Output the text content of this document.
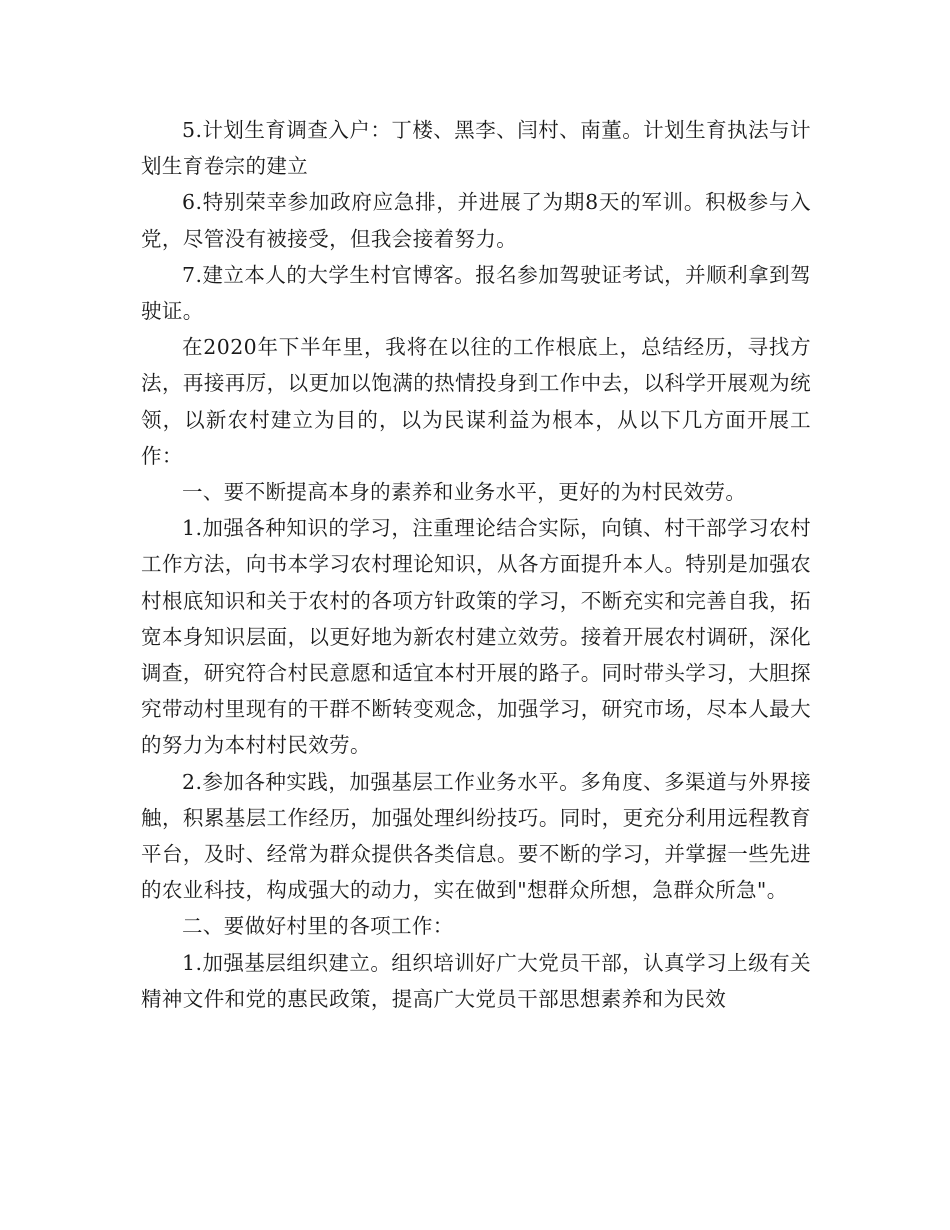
5.计划生育调查入户：丁楼、黑李、闫村、南董。计划生育执法与计划生育卷宗的建立

6.特别荣幸参加政府应急排，并进展了为期8天的军训。积极参与入党，尽管没有被接受，但我会接着努力。

7.建立本人的大学生村官博客。报名参加驾驶证考试，并顺利拿到驾驶证。

在2020年下半年里，我将在以往的工作根底上，总结经历，寻找方法，再接再厉，以更加以饱满的热情投身到工作中去，以科学开展观为统领，以新农村建立为目的，以为民谋利益为根本，从以下几方面开展工作：

一、要不断提高本身的素养和业务水平，更好的为村民效劳。

1.加强各种知识的学习，注重理论结合实际，向镇、村干部学习农村工作方法，向书本学习农村理论知识，从各方面提升本人。特别是加强农村根底知识和关于农村的各项方针政策的学习，不断充实和完善自我，拓宽本身知识层面，以更好地为新农村建立效劳。接着开展农村调研，深化调查，研究符合村民意愿和适宜本村开展的路子。同时带头学习，大胆探究带动村里现有的干群不断转变观念，加强学习，研究市场，尽本人最大的努力为本村村民效劳。

2.参加各种实践，加强基层工作业务水平。多角度、多渠道与外界接触，积累基层工作经历，加强处理纠纷技巧。同时，更充分利用远程教育平台，及时、经常为群众提供各类信息。要不断的学习，并掌握一些先进的农业科技，构成强大的动力，实在做到"想群众所想，急群众所急"。

二、要做好村里的各项工作：

1.加强基层组织建立。组织培训好广大党员干部，认真学习上级有关精神文件和党的惠民政策，提高广大党员干部思想素养和为民效
